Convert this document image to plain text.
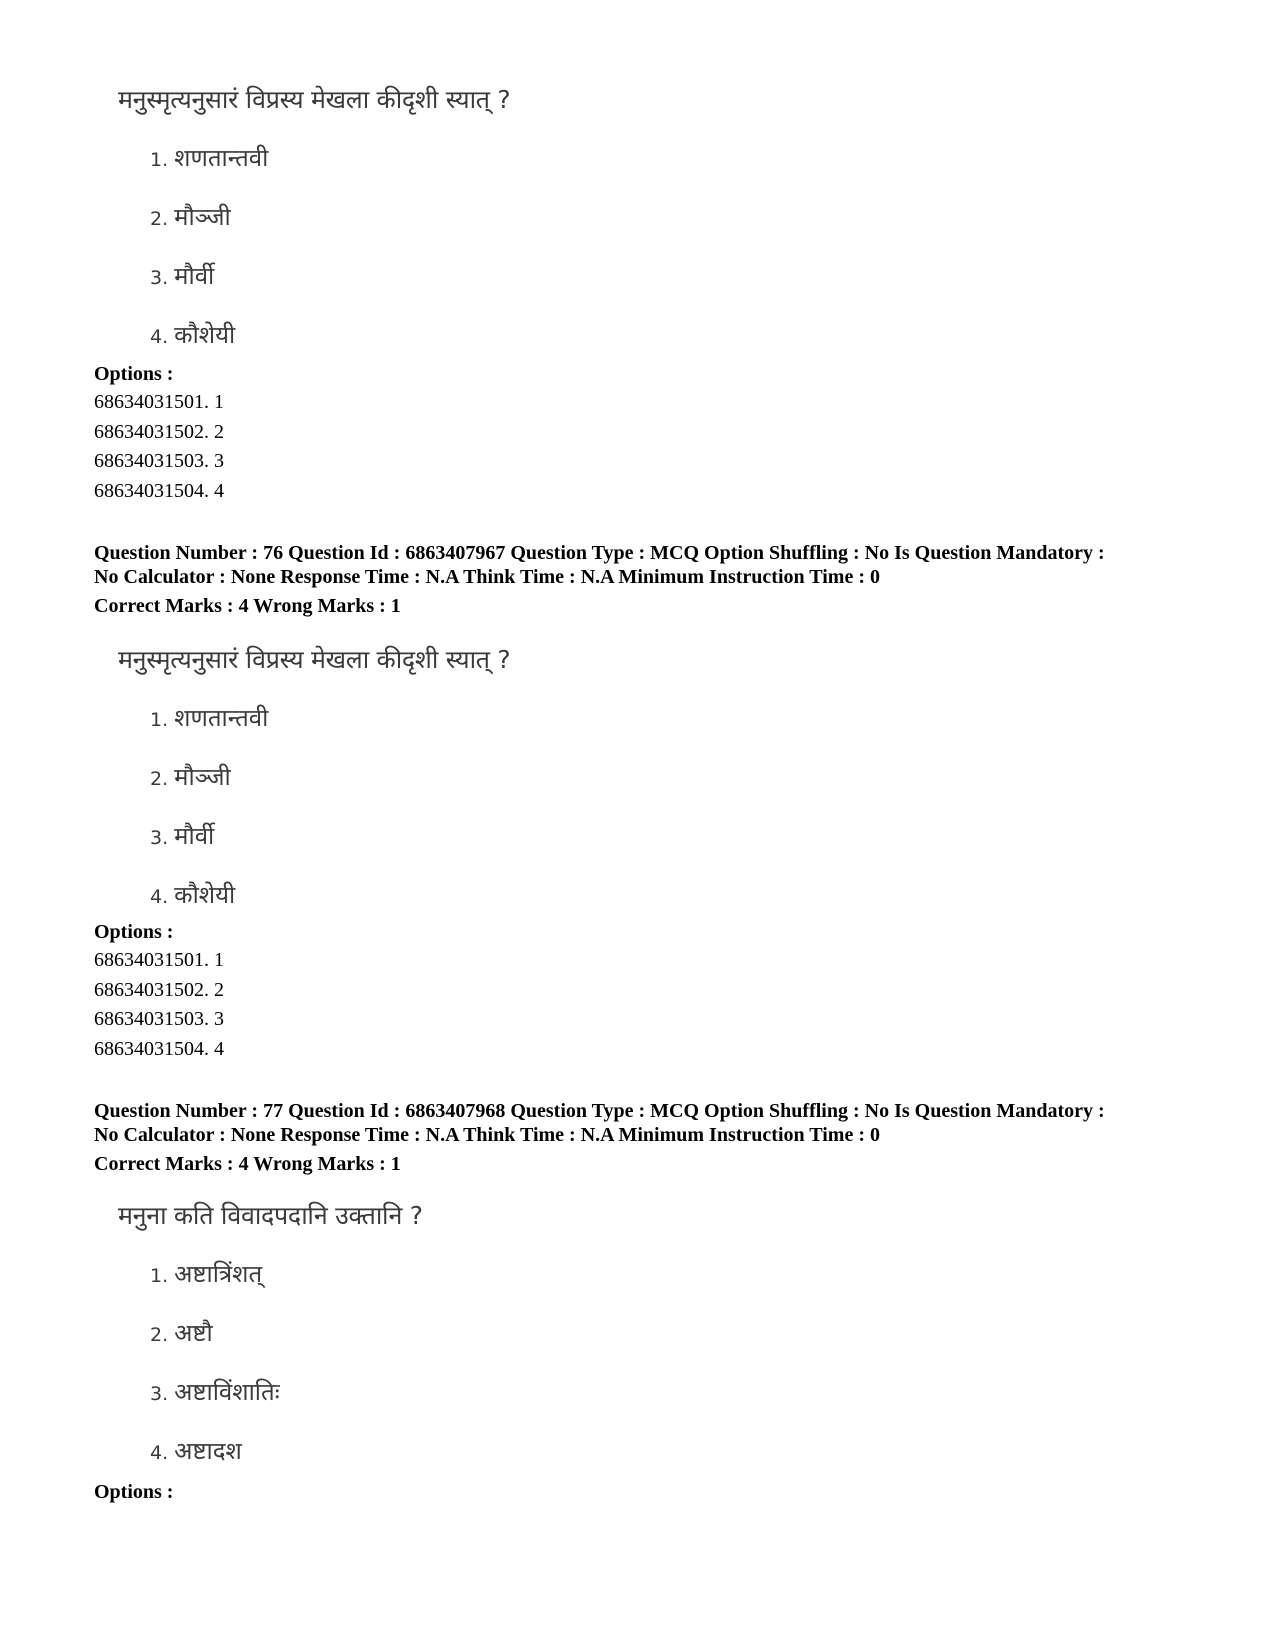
मनुस्मृत्यनुसारं विप्रस्य मेखला कीदृशी स्यात् ?
1. शणतान्तवी
2. मौञ्जी
3. मौर्वी
4. कौशेयी
Options :
68634031501. 1
68634031502. 2
68634031503. 3
68634031504. 4
Question Number : 76 Question Id : 6863407967 Question Type : MCQ Option Shuffling : No Is Question Mandatory :
No Calculator : None Response Time : N.A Think Time : N.A Minimum Instruction Time : 0
Correct Marks : 4 Wrong Marks : 1
मनुस्मृत्यनुसारं विप्रस्य मेखला कीदृशी स्यात् ?
1. शणतान्तवी
2. मौञ्जी
3. मौर्वी
4. कौशेयी
Options :
68634031501. 1
68634031502. 2
68634031503. 3
68634031504. 4
Question Number : 77 Question Id : 6863407968 Question Type : MCQ Option Shuffling : No Is Question Mandatory :
No Calculator : None Response Time : N.A Think Time : N.A Minimum Instruction Time : 0
Correct Marks : 4 Wrong Marks : 1
मनुना कति विवादपदानि उक्तानि ?
1. अष्टात्रिंशत्
2. अष्टौ
3. अष्टाविंशातिः
4. अष्टादश
Options :
